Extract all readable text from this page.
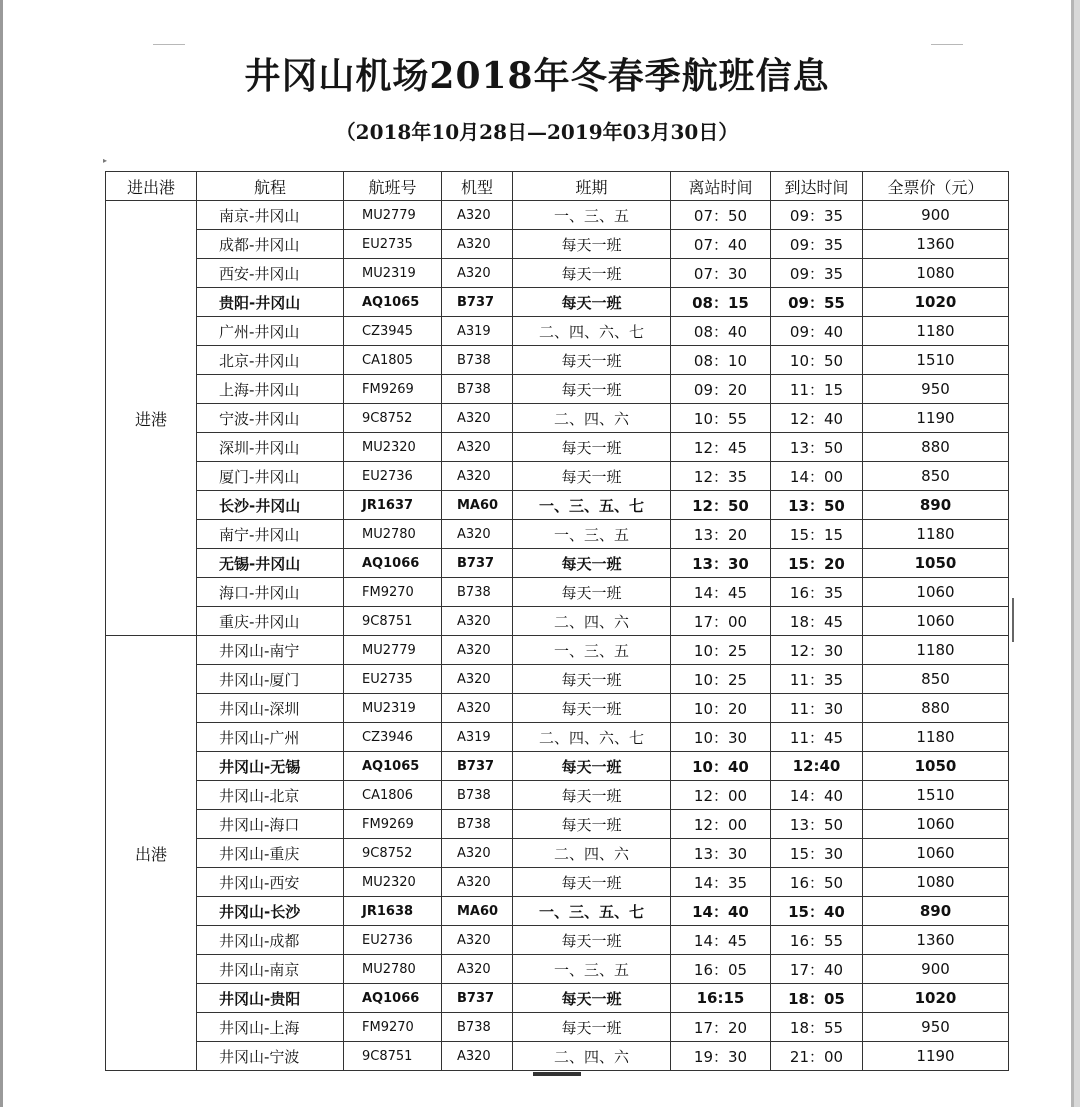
井冈山机场2018年冬春季航班信息
（2018年10月28日—2019年03月30日）
▸
进出港	航程	航班号	机型	班期	离站时间	到达时间	全票价（元）
进港	南京-井冈山	MU2779	A320	一、三、五	07：50	09：35	900
	成都-井冈山	EU2735	A320	每天一班	07：40	09：35	1360
	西安-井冈山	MU2319	A320	每天一班	07：30	09：35	1080
	贵阳-井冈山	AQ1065	B737	每天一班	08：15	09：55	1020
	广州-井冈山	CZ3945	A319	二、四、六、七	08：40	09：40	1180
	北京-井冈山	CA1805	B738	每天一班	08：10	10：50	1510
	上海-井冈山	FM9269	B738	每天一班	09：20	11：15	950
	宁波-井冈山	9C8752	A320	二、四、六	10：55	12：40	1190
	深圳-井冈山	MU2320	A320	每天一班	12：45	13：50	880
	厦门-井冈山	EU2736	A320	每天一班	12：35	14：00	850
	长沙-井冈山	JR1637	MA60	一、三、五、七	12：50	13：50	890
	南宁-井冈山	MU2780	A320	一、三、五	13：20	15：15	1180
	无锡-井冈山	AQ1066	B737	每天一班	13：30	15：20	1050
	海口-井冈山	FM9270	B738	每天一班	14：45	16：35	1060
	重庆-井冈山	9C8751	A320	二、四、六	17：00	18：45	1060
出港	井冈山-南宁	MU2779	A320	一、三、五	10：25	12：30	1180
	井冈山-厦门	EU2735	A320	每天一班	10：25	11：35	850
	井冈山-深圳	MU2319	A320	每天一班	10：20	11：30	880
	井冈山-广州	CZ3946	A319	二、四、六、七	10：30	11：45	1180
	井冈山-无锡	AQ1065	B737	每天一班	10：40	12:40	1050
	井冈山-北京	CA1806	B738	每天一班	12：00	14：40	1510
	井冈山-海口	FM9269	B738	每天一班	12：00	13：50	1060
	井冈山-重庆	9C8752	A320	二、四、六	13：30	15：30	1060
	井冈山-西安	MU2320	A320	每天一班	14：35	16：50	1080
	井冈山-长沙	JR1638	MA60	一、三、五、七	14：40	15：40	890
	井冈山-成都	EU2736	A320	每天一班	14：45	16：55	1360
	井冈山-南京	MU2780	A320	一、三、五	16：05	17：40	900
	井冈山-贵阳	AQ1066	B737	每天一班	16:15	18：05	1020
	井冈山-上海	FM9270	B738	每天一班	17：20	18：55	950
	井冈山-宁波	9C8751	A320	二、四、六	19：30	21：00	1190
